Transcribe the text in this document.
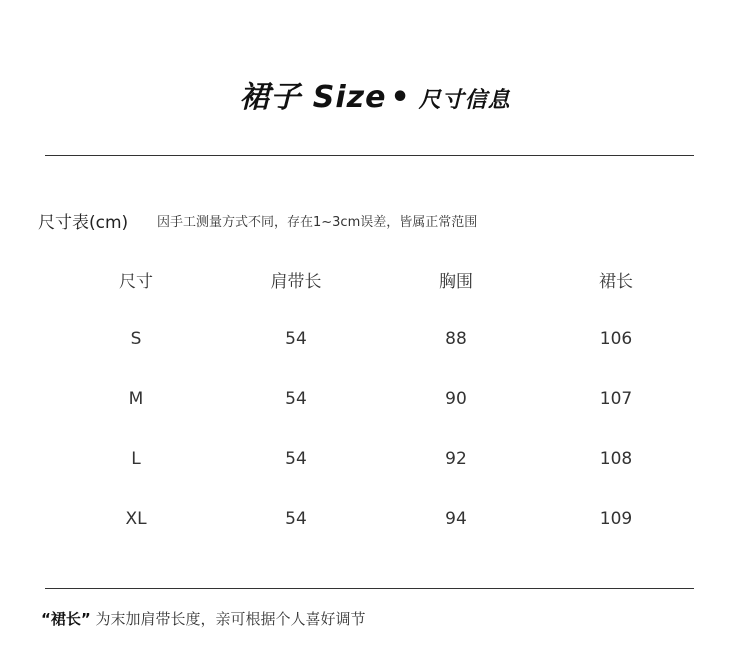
裙子 Size • 尺寸信息
尺寸表(cm) 因手工测量方式不同，存在1~3cm误差，皆属正常范围
尺寸	肩带长	胸围	裙长
S	54	88	106
M	54	90	107
L	54	92	108
XL	54	94	109
“裙长” 为末加肩带长度，亲可根据个人喜好调节
